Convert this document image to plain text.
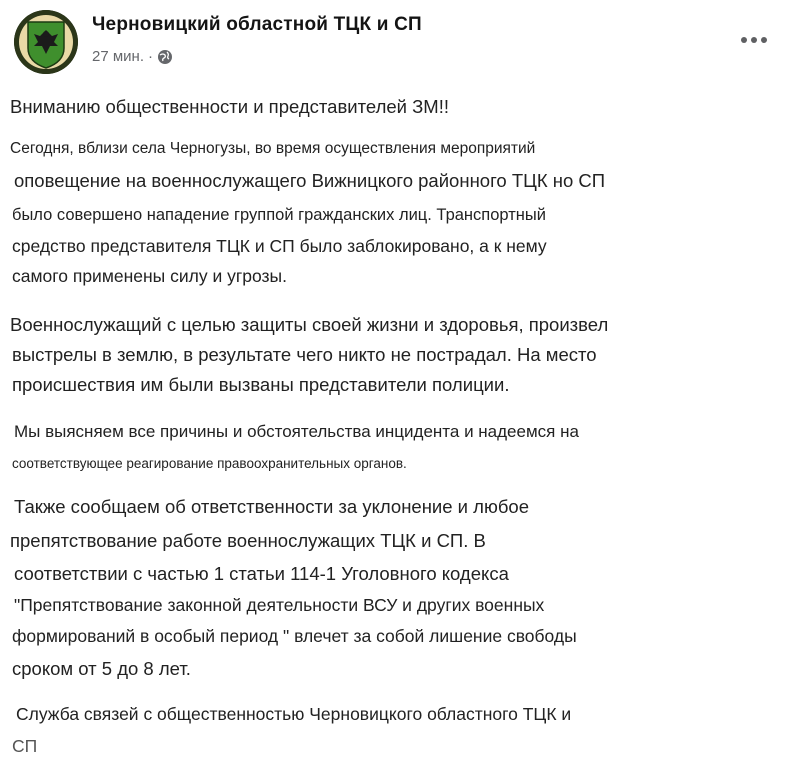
Черновицкий областной ТЦК и СП
27 мин. ·
Вниманию общественности и представителей ЗМ!!
Сегодня, вблизи села Черногузы, во время осуществления мероприятий
оповещение на военнослужащего Вижницкого районного ТЦК но СП
было совершено нападение группой гражданских лиц. Транспортный
средство представителя ТЦК и СП было заблокировано, а к нему
самого применены силу и угрозы.
Военнослужащий с целью защиты своей жизни и здоровья, произвел
выстрелы в землю, в результате чего никто не пострадал. На место
происшествия им были вызваны представители полиции.
Мы выясняем все причины и обстоятельства инцидента и надеемся на
соответствующее реагирование правоохранительных органов.
Также сообщаем об ответственности за уклонение и любое
препятствование работе военнослужащих ТЦК и СП. В
соответствии с частью 1 статьи 114-1 Уголовного кодекса
"Препятствование законной деятельности ВСУ и других военных
формирований в особый период " влечет за собой лишение свободы
сроком от 5 до 8 лет.
Служба связей с общественностью Черновицкого областного ТЦК и
СП
